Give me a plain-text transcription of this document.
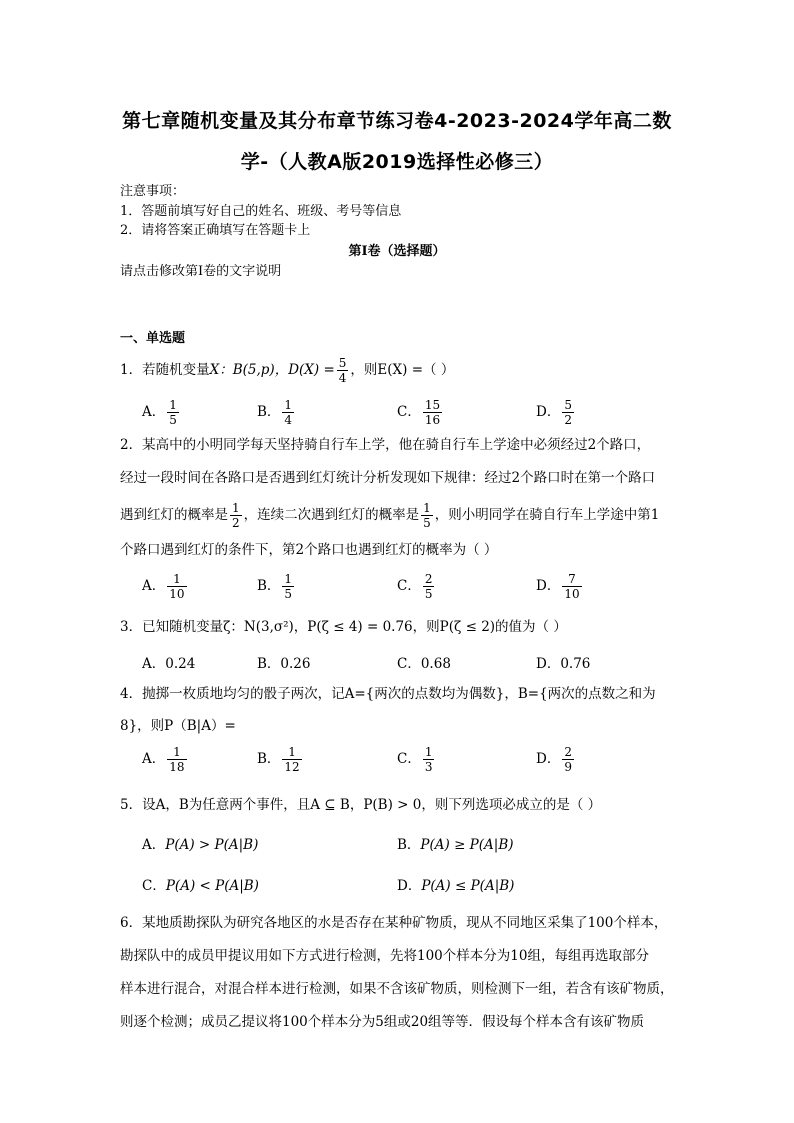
第七章随机变量及其分布章节练习卷4-2023-2024学年高二数
学-（人教A版2019选择性必修三）
注意事项：
1．答题前填写好自己的姓名、班级、考号等信息
2．请将答案正确填写在答题卡上
第I卷（选择题）
请点击修改第I卷的文字说明
一、单选题
1．若随机变量X：B(5,p)，$D(X) = \frac{5}{4}$ ，则E(X) =（ ）
A． $\frac{1}{5}$	B． $\frac{1}{4}$	C． $\frac{15}{16}$	D． $\frac{5}{2}$
2．某高中的小明同学每天坚持骑自行车上学，他在骑自行车上学途中必须经过2个路口，
经过一段时间在各路口是否遇到红灯统计分析发现如下规律：经过2个路口时在第一个路口
遇到红灯的概率是 $\frac{1}{2}$ ，连续二次遇到红灯的概率是 $\frac{1}{5}$ ，则小明同学在骑自行车上学途中第1
个路口遇到红灯的条件下，第2个路口也遇到红灯的概率为（ ）
A． $\frac{1}{10}$	B． $\frac{1}{5}$	C． $\frac{2}{5}$	D． $\frac{7}{10}$
3．已知随机变量ζ：N(3,σ²)，P(ζ ≤ 4) = 0.76，则P(ζ ≤ 2)的值为（ ）
A．0.24	B．0.26	C．0.68	D．0.76
4．抛掷一枚质地均匀的骰子两次，记A={两次的点数均为偶数}，B={两次的点数之和为
8}，则P（B|A）=
A． $\frac{1}{18}$	B． $\frac{1}{12}$	C． $\frac{1}{3}$	D． $\frac{2}{9}$
5．设A，B为任意两个事件，且A ⊆ B，P(B) > 0，则下列选项必成立的是（ ）
A．P(A) > P(A|B)	B．P(A) ≥ P(A|B)
C．P(A) < P(A|B)	D．P(A) ≤ P(A|B)
6．某地质勘探队为研究各地区的水是否存在某种矿物质，现从不同地区采集了100个样本，
勘探队中的成员甲提议用如下方式进行检测，先将100个样本分为10组，每组再选取部分
样本进行混合，对混合样本进行检测，如果不含该矿物质，则检测下一组，若含有该矿物质，
则逐个检测；成员乙提议将100个样本分为5组或20组等等．假设每个样本含有该矿物质
